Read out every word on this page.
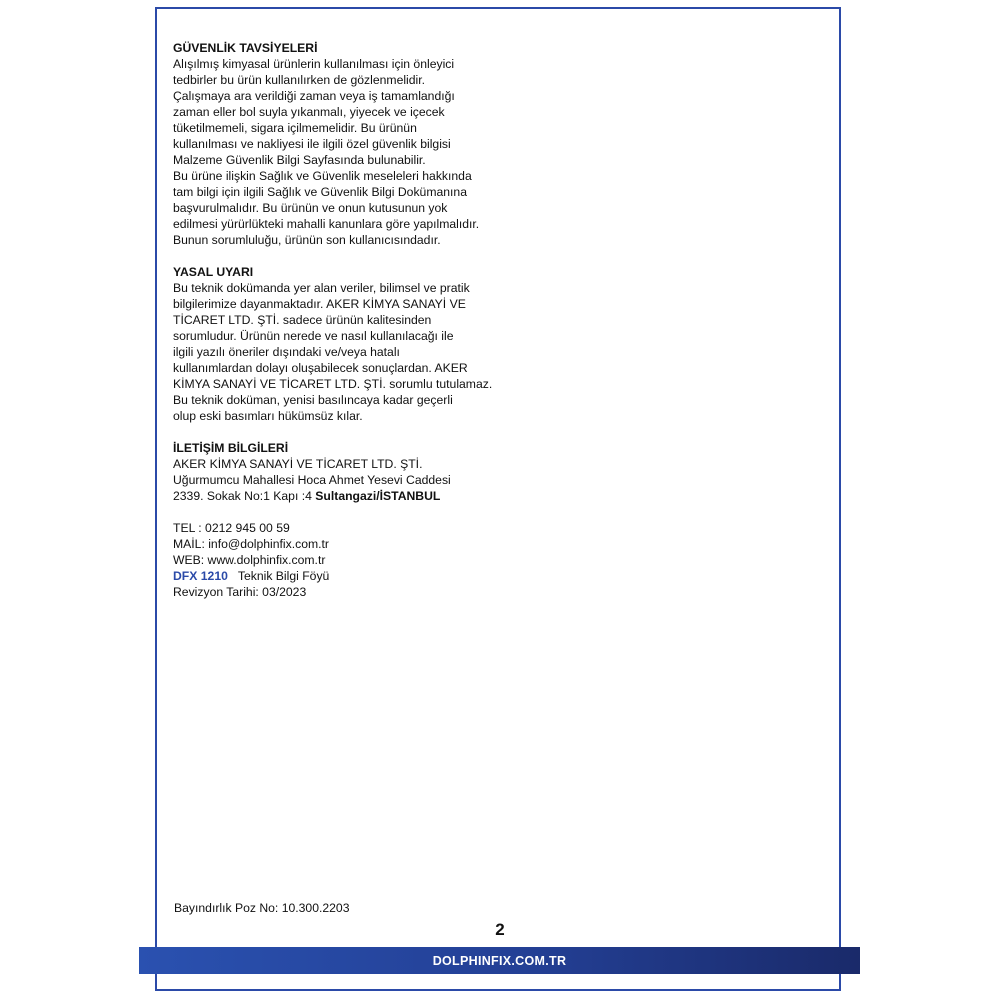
GÜVENLİK TAVSİYELERİ
Alışılmış kimyasal ürünlerin kullanılması için önleyici
tedbirler bu ürün kullanılırken de gözlenmelidir.
Çalışmaya ara verildiği zaman veya iş tamamlandığı
zaman eller bol suyla yıkanmalı, yiyecek ve içecek
tüketilmemeli, sigara içilmemelidir. Bu ürünün
kullanılması ve nakliyesi ile ilgili özel güvenlik bilgisi
Malzeme Güvenlik Bilgi Sayfasında bulunabilir.
Bu ürüne ilişkin Sağlık ve Güvenlik meseleleri hakkında
tam bilgi için ilgili Sağlık ve Güvenlik Bilgi Dokümanına
başvurulmalıdır. Bu ürünün ve onun kutusunun yok
edilmesi yürürlükteki mahalli kanunlara göre yapılmalıdır.
Bunun sorumluluğu, ürünün son kullanıcısındadır.
YASAL UYARI
Bu teknik dokümanda yer alan veriler, bilimsel ve pratik
bilgilerimize dayanmaktadır. AKER KİMYA SANAYİ VE
TİCARET LTD. ŞTİ. sadece ürünün kalitesinden
sorumludur. Ürünün nerede ve nasıl kullanılacağı ile
ilgili yazılı öneriler dışındaki ve/veya hatalı
kullanımlardan dolayı oluşabilecek sonuçlardan. AKER
KİMYA SANAYİ VE TİCARET LTD. ŞTİ. sorumlu tutulamaz.
Bu teknik doküman, yenisi basılıncaya kadar geçerli
olup eski basımları hükümsüz kılar.
İLETİŞİM BİLGİLERİ
AKER KİMYA SANAYİ VE TİCARET LTD. ŞTİ.
Uğurmumcu Mahallesi Hoca Ahmet Yesevi Caddesi
2339. Sokak No:1 Kapı :4 Sultangazi/İSTANBUL
TEL : 0212 945 00 59
MAİL: info@dolphinfix.com.tr
WEB: www.dolphinfix.com.tr
DFX 1210 Teknik Bilgi Föyü
Revizyon Tarihi: 03/2023
Bayındırlık Poz No: 10.300.2203
2
DOLPHINFIX.COM.TR
